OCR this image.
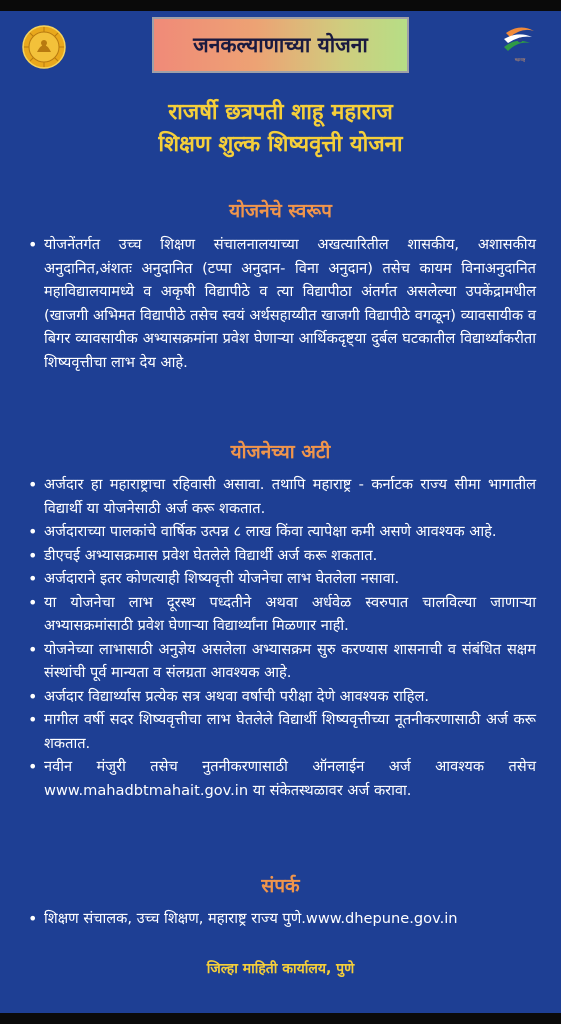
जनकल्याणाच्या योजना
महाराष्ट्र
राजर्षी छत्रपती शाहू महाराज
शिक्षण शुल्क शिष्यवृत्ती योजना
योजनेचे स्वरूप
• योजनेंतर्गत उच्च शिक्षण संचालनालयाच्या अखत्यारितील शासकीय, अशासकीय अनुदानित,अंशतः अनुदानित (टप्पा अनुदान- विना अनुदान) तसेच कायम विनाअनुदानित महाविद्यालयामध्ये व अकृषी विद्यापीठे व त्या विद्यापीठा अंतर्गत असलेल्या उपकेंद्रामधील (खाजगी अभिमत विद्यापीठे तसेच स्वयं अर्थसहाय्यीत खाजगी विद्यापीठे वगळून) व्यावसायीक व बिगर व्यावसायीक अभ्यासक्रमांना प्रवेश घेणाऱ्या आर्थिकदृष्ट्या दुर्बल घटकातील विद्यार्थ्यांकरीता शिष्यवृत्तीचा लाभ देय आहे.
योजनेच्या अटी
• अर्जदार हा महाराष्ट्राचा रहिवासी असावा. तथापि महाराष्ट्र - कर्नाटक राज्य सीमा भागातील विद्यार्थी या योजनेसाठी अर्ज करू शकतात.
• अर्जदाराच्या पालकांचे वार्षिक उत्पन्न ८ लाख किंवा त्यापेक्षा कमी असणे आवश्यक आहे.
• डीएचई अभ्यासक्रमास प्रवेश घेतलेले विद्यार्थी अर्ज करू शकतात.
• अर्जदाराने इतर कोणत्याही शिष्यवृत्ती योजनेचा लाभ घेतलेला नसावा.
• या योजनेचा लाभ दूरस्थ पध्दतीने अथवा अर्धवेळ स्वरुपात चालविल्या जाणाऱ्या अभ्यासक्रमांसाठी प्रवेश घेणाऱ्या विद्यार्थ्यांना मिळणार नाही.
• योजनेच्या लाभासाठी अनुज्ञेय असलेला अभ्यासक्रम सुरु करण्यास शासनाची व संबंधित सक्षम संस्थांची पूर्व मान्यता व संलग्रता आवश्यक आहे.
• अर्जदार विद्यार्थ्यास प्रत्येक सत्र अथवा वर्षाची परीक्षा देणे आवश्यक राहिल.
• मागील वर्षी सदर शिष्यवृत्तीचा लाभ घेतलेले विद्यार्थी शिष्यवृत्तीच्या नूतनीकरणासाठी अर्ज करू शकतात.
• नवीन मंजुरी तसेच नुतनीकरणासाठी ऑनलाईन अर्ज आवश्यक तसेच www.mahadbtmahait.gov.in या संकेतस्थळावर अर्ज करावा.
संपर्क
• शिक्षण संचालक, उच्च शिक्षण, महाराष्ट्र राज्य पुणे.www.dhepune.gov.in
जिल्हा माहिती कार्यालय, पुणे
